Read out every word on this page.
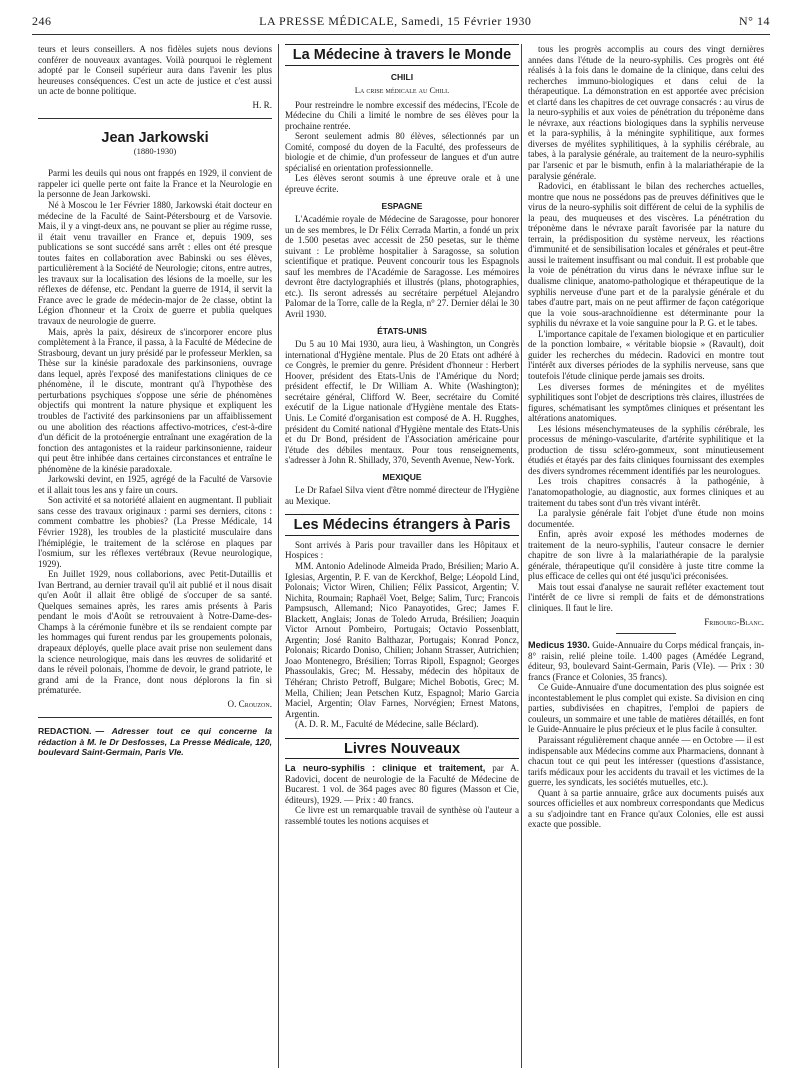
246	LA PRESSE MÉDICALE, Samedi, 15 Février 1930	N° 14

teurs et leurs conseillers. A nos fidèles sujets nous devions conférer de nouveaux avantages. Voilà pourquoi le règlement adopté par le Conseil supérieur aura dans l'avenir les plus heureuses conséquences. C'est un acte de justice et c'est aussi un acte de bonne politique.

H. R.
Jean Jarkowski
(1880-1930)

Parmi les deuils qui nous ont frappés en 1929, il convient de rappeler ici quelle perte ont faite la France et la Neurologie en la personne de Jean Jarkowski.

Né à Moscou le 1er Février 1880, Jarkowski était docteur en médecine de la Faculté de Saint-Pétersbourg et de Varsovie. Mais, il y a vingt-deux ans, ne pouvant se plier au régime russe, il était venu travailler en France et, depuis 1909, ses publications se sont succédé sans arrêt : elles ont été presque toutes faites en collaboration avec Babinski ou ses élèves, particulièrement à la Société de Neurologie; citons, entre autres, les travaux sur la localisation des lésions de la moelle, sur les réflexes de défense, etc. Pendant la guerre de 1914, il servit la France avec le grade de médecin-major de 2e classe, obtint la Légion d'honneur et la Croix de guerre et publia quelques travaux de neurologie de guerre.

Mais, après la paix, désireux de s'incorporer encore plus complètement à la France, il passa, à la Faculté de Médecine de Strasbourg, devant un jury présidé par le professeur Merklen, sa Thèse sur la kinésie paradoxale des parkinsoniens, ouvrage dans lequel, après l'exposé des manifestations cliniques de ce phénomène, il le discute, montrant qu'à l'hypothèse des perturbations psychiques s'oppose une série de phénomènes objectifs qui montrent la nature physique et expliquent les troubles de l'activité des parkinsoniens par un affaiblissement ou une abolition des réactions affectivo-motrices, c'est-à-dire d'un déficit de la protoénergie entraînant une exagération de la fonction des antagonistes et la raideur parkinsonienne, raideur qui peut être inhibée dans certaines circonstances et entraîne le phénomène de la kinésie paradoxale.

Jarkowski devint, en 1925, agrégé de la Faculté de Varsovie et il allait tous les ans y faire un cours.

Son activité et sa notoriété allaient en augmentant. Il publiait sans cesse des travaux originaux : parmi ses derniers, citons : comment combattre les phobies? (La Presse Médicale, 14 Février 1928), les troubles de la plasticité musculaire dans l'hémiplégie, le traitement de la sclérose en plaques par l'osmium, sur les réflexes vertébraux (Revue neurologique, 1929).

En Juillet 1929, nous collaborions, avec Petit-Dutaillis et Ivan Bertrand, au dernier travail qu'il ait publié et il nous disait qu'en Août il allait être obligé de s'occuper de sa santé. Quelques semaines après, les rares amis présents à Paris pendant le mois d'Août se retrouvaient à Notre-Dame-des-Champs à la cérémonie funèbre et ils se rendaient compte par les hommages qui furent rendus par les groupements polonais, drapeaux déployés, quelle place avait prise non seulement dans la science neurologique, mais dans les œuvres de solidarité et dans le réveil polonais, l'homme de devoir, le grand patriote, le grand ami de la France, dont nous déplorons la fin si prématurée.

O. Crouzon.

REDACTION. — Adresser tout ce qui concerne la rédaction à M. le Dr Desfosses, La Presse Médicale, 120, boulevard Saint-Germain, Paris VIe.

La Médecine à travers le Monde
CHILI
La crise médicale au Chili.

Pour restreindre le nombre excessif des médecins, l'Ecole de Médecine du Chili a limité le nombre de ses élèves pour la prochaine rentrée.

Seront seulement admis 80 élèves, sélectionnés par un Comité, composé du doyen de la Faculté, des professeurs de biologie et de chimie, d'un professeur de langues et d'un autre spécialisé en orientation professionnelle.

Les élèves seront soumis à une épreuve orale et à une épreuve écrite.

ESPAGNE

L'Académie royale de Médecine de Saragosse, pour honorer un de ses membres, le Dr Félix Cerrada Martin, a fondé un prix de 1.500 pesetas avec accessit de 250 pesetas, sur le thème suivant : Le problème hospitalier à Saragosse, sa solution scientifique et pratique. Peuvent concourir tous les Espagnols sauf les membres de l'Académie de Saragosse. Les mémoires devront être dactylographiés et illustrés (plans, photographies, etc.). Ils seront adressés au secrétaire perpétuel Alejandro Palomar de la Torre, calle de la Regla, n° 27. Dernier délai le 30 Avril 1930.

ÉTATS-UNIS

Du 5 au 10 Mai 1930, aura lieu, à Washington, un Congrès international d'Hygiène mentale. Plus de 20 Etats ont adhéré à ce Congrès, le premier du genre. Président d'honneur : Herbert Hoover, président des Etats-Unis de l'Amérique du Nord; président effectif, le Dr William A. White (Washington); secrétaire général, Clifford W. Beer, secrétaire du Comité exécutif de la Ligue nationale d'Hygiène mentale des Etats-Unis. Le Comité d'organisation est composé de A. H. Rugghes, président du Comité national d'Hygiène mentale des Etats-Unis et du Dr Bond, président de l'Association américaine pour l'étude des débiles mentaux. Pour tous renseignements, s'adresser à John R. Shillady, 370, Seventh Avenue, New-York.

MEXIQUE

Le Dr Rafael Silva vient d'être nommé directeur de l'Hygiène au Mexique.

Les Médecins étrangers à Paris

Sont arrivés à Paris pour travailler dans les Hôpitaux et Hospices :

MM. Antonio Adelinode Almeida Prado, Brésilien; Mario A. Iglesias, Argentin, P. F. van de Kerckhof, Belge; Léopold Lind, Polonais; Victor Wiren, Chilien; Félix Passicot, Argentin; V. Nichita, Roumain; Raphaël Voet, Belge; Salim, Turc; Francois Pampsusch, Allemand; Nico Panayotides, Grec; James F. Blackett, Anglais; Jonas de Toledo Arruda, Brésilien; Joaquin Victor Arnout Pombeiro, Portugais; Octavio Possenblatt, Argentin; José Ranito Balthazar, Portugais; Konrad Poncz, Polonais; Ricardo Doniso, Chilien; Johann Strasser, Autrichien; Joao Montenegro, Brésilien; Torras Ripoll, Espagnol; Georges Phassoulakis, Grec; M. Hessaby, médecin des hôpitaux de Téhéran; Christo Petroff, Bulgare; Michel Bobotis, Grec; M. Mella, Chilien; Jean Petschen Kutz, Espagnol; Mario Garcia Maciel, Argentin; Olav Farnes, Norvégien; Ernest Matons, Argentin.

(A. D. R. M., Faculté de Médecine, salle Béclard).

Livres Nouveaux

La neuro-syphilis : clinique et traitement, par A. Radovici, docent de neurologie de la Faculté de Médecine de Bucarest. 1 vol. de 364 pages avec 80 figures (Masson et Cie, éditeurs), 1929. — Prix : 40 francs.

Ce livre est un remarquable travail de synthèse où l'auteur a rassemblé toutes les notions acquises et

tous les progrès accomplis au cours des vingt dernières années dans l'étude de la neuro-syphilis. Ces progrès ont été réalisés à la fois dans le domaine de la clinique, dans celui des recherches immuno-biologiques et dans celui de la thérapeutique. La démonstration en est apportée avec précision et clarté dans les chapitres de cet ouvrage consacrés : au virus de la neuro-syphilis et aux voies de pénétration du tréponème dans le névraxe, aux réactions biologiques dans la syphilis nerveuse et la para-syphilis, à la méningite syphilitique, aux formes diverses de myélites syphilitiques, à la syphilis cérébrale, au tabes, à la paralysie générale, au traitement de la neuro-syphilis par l'arsenic et par le bismuth, enfin à la malariathérapie de la paralysie générale.

Radovici, en établissant le bilan des recherches actuelles, montre que nous ne possédons pas de preuves définitives que le virus de la neuro-syphilis soit différent de celui de la syphilis de la peau, des muqueuses et des viscères. La pénétration du tréponème dans le névraxe paraît favorisée par la nature du terrain, la prédisposition du système nerveux, les réactions d'immunité et de sensibilisation locales et générales et peut-être aussi le traitement insuffisant ou mal conduit. Il est probable que la voie de pénétration du virus dans le névraxe influe sur le dualisme clinique, anatomo-pathologique et thérapeutique de la syphilis nerveuse d'une part et de la paralysie générale et du tabes d'autre part, mais on ne peut affirmer de façon catégorique que la voie sous-arachnoïdienne est déterminante pour la syphilis du névraxe et la voie sanguine pour la P. G. et le tabes.

L'importance capitale de l'examen biologique et en particulier de la ponction lombaire, « véritable biopsie » (Ravault), doit guider les recherches du médecin. Radovici en montre tout l'intérêt aux diverses périodes de la syphilis nerveuse, sans que toutefois l'étude clinique perde jamais ses droits.

Les diverses formes de méningites et de myélites syphilitiques sont l'objet de descriptions très claires, illustrées de figures, schématisant les symptômes cliniques et présentant les altérations anatomiques.

Les lésions mésenchymateuses de la syphilis cérébrale, les processus de méningo-vascularite, d'artérite syphilitique et la production de tissu scléro-gommeux, sont minutieusement étudiés et étayés par des faits cliniques fournissant des exemples des divers syndromes récemment identifiés par les neurologues.

Les trois chapitres consacrés à la pathogénie, à l'anatomopathologie, au diagnostic, aux formes cliniques et au traitement du tabes sont d'un très vivant intérêt.

La paralysie générale fait l'objet d'une étude non moins documentée.

Enfin, après avoir exposé les méthodes modernes de traitement de la neuro-syphilis, l'auteur consacre le dernier chapitre de son livre à la malariathérapie de la paralysie générale, thérapeutique qu'il considère à juste titre comme la plus efficace de celles qui ont été jusqu'ici préconisées.

Mais tout essai d'analyse ne saurait refléter exactement tout l'intérêt de ce livre si rempli de faits et de démonstrations cliniques. Il faut le lire.

Fribourg-Blanc.

Medicus 1930. Guide-Annuaire du Corps médical français, in-8° raisin, relié pleine toile. 1.400 pages (Amédée Legrand, éditeur, 93, boulevard Saint-Germain, Paris (VIe). — Prix : 30 francs (France et Colonies, 35 francs).

Ce Guide-Annuaire d'une documentation des plus soignée est incontestablement le plus complet qui existe. Sa division en cinq parties, subdivisées en chapitres, l'emploi de papiers de couleurs, un sommaire et une table de matières détaillés, en font le Guide-Annuaire le plus précieux et le plus facile à consulter.

Paraissant régulièrement chaque année — en Octobre — il est indispensable aux Médecins comme aux Pharmaciens, donnant à chacun tout ce qui peut les intéresser (questions d'assistance, tarifs médicaux pour les accidents du travail et les victimes de la guerre, les syndicats, les sociétés mutuelles, etc.).

Quant à sa partie annuaire, grâce aux documents puisés aux sources officielles et aux nombreux correspondants que Medicus a su s'adjoindre tant en France qu'aux Colonies, elle est aussi exacte que possible.
